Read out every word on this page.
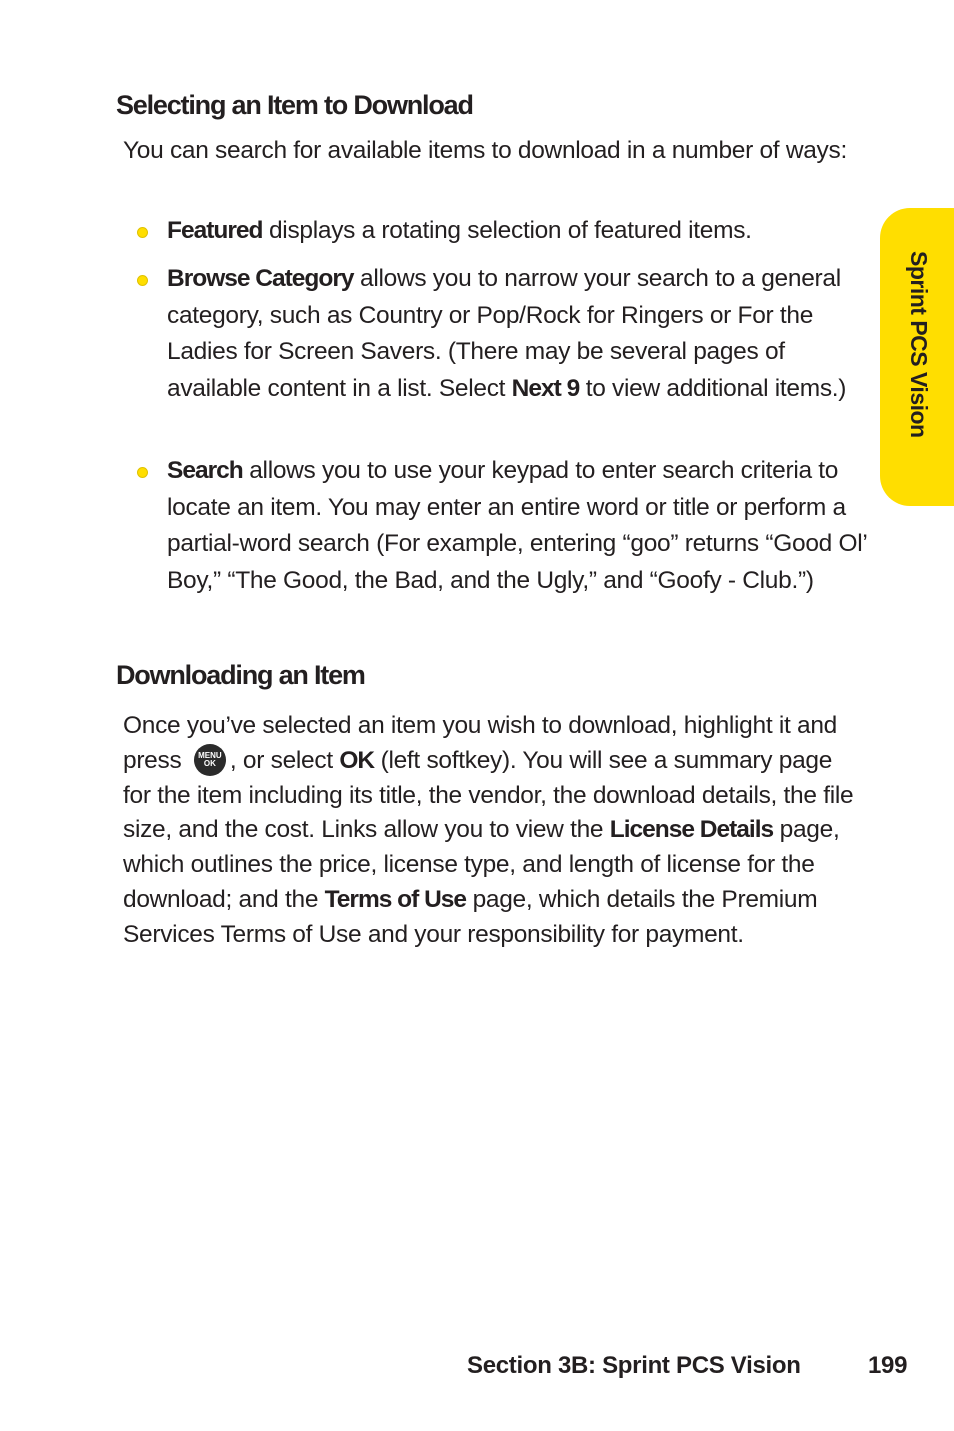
Sprint PCS Vision
Selecting an Item to Download

You can search for available items to download in a number of ways:

Featured displays a rotating selection of featured items.
Browse Category allows you to narrow your search to a general category, such as Country or Pop/Rock for Ringers or For the Ladies for Screen Savers. (There may be several pages of available content in a list. Select Next 9 to view additional items.)
Search allows you to use your keypad to enter search criteria to locate an item. You may enter an entire word or title or perform a partial-word search (For example, entering “goo” returns “Good Ol’ Boy,” “The Good, the Bad, and the Ugly,” and “Goofy - Club.”)
Downloading an Item

Once you’ve selected an item you wish to download, highlight it and press	MENU
OK , or select OK (left softkey). You will see a summary page for the item including its title, the vendor, the download details, the file size, and the cost. Links allow you to view the License Details page, which outlines the price, license type, and length of license for the download; and the Terms of Use page, which details the Premium Services Terms of Use and your responsibility for payment.

Section 3B: Sprint PCS Vision	199
